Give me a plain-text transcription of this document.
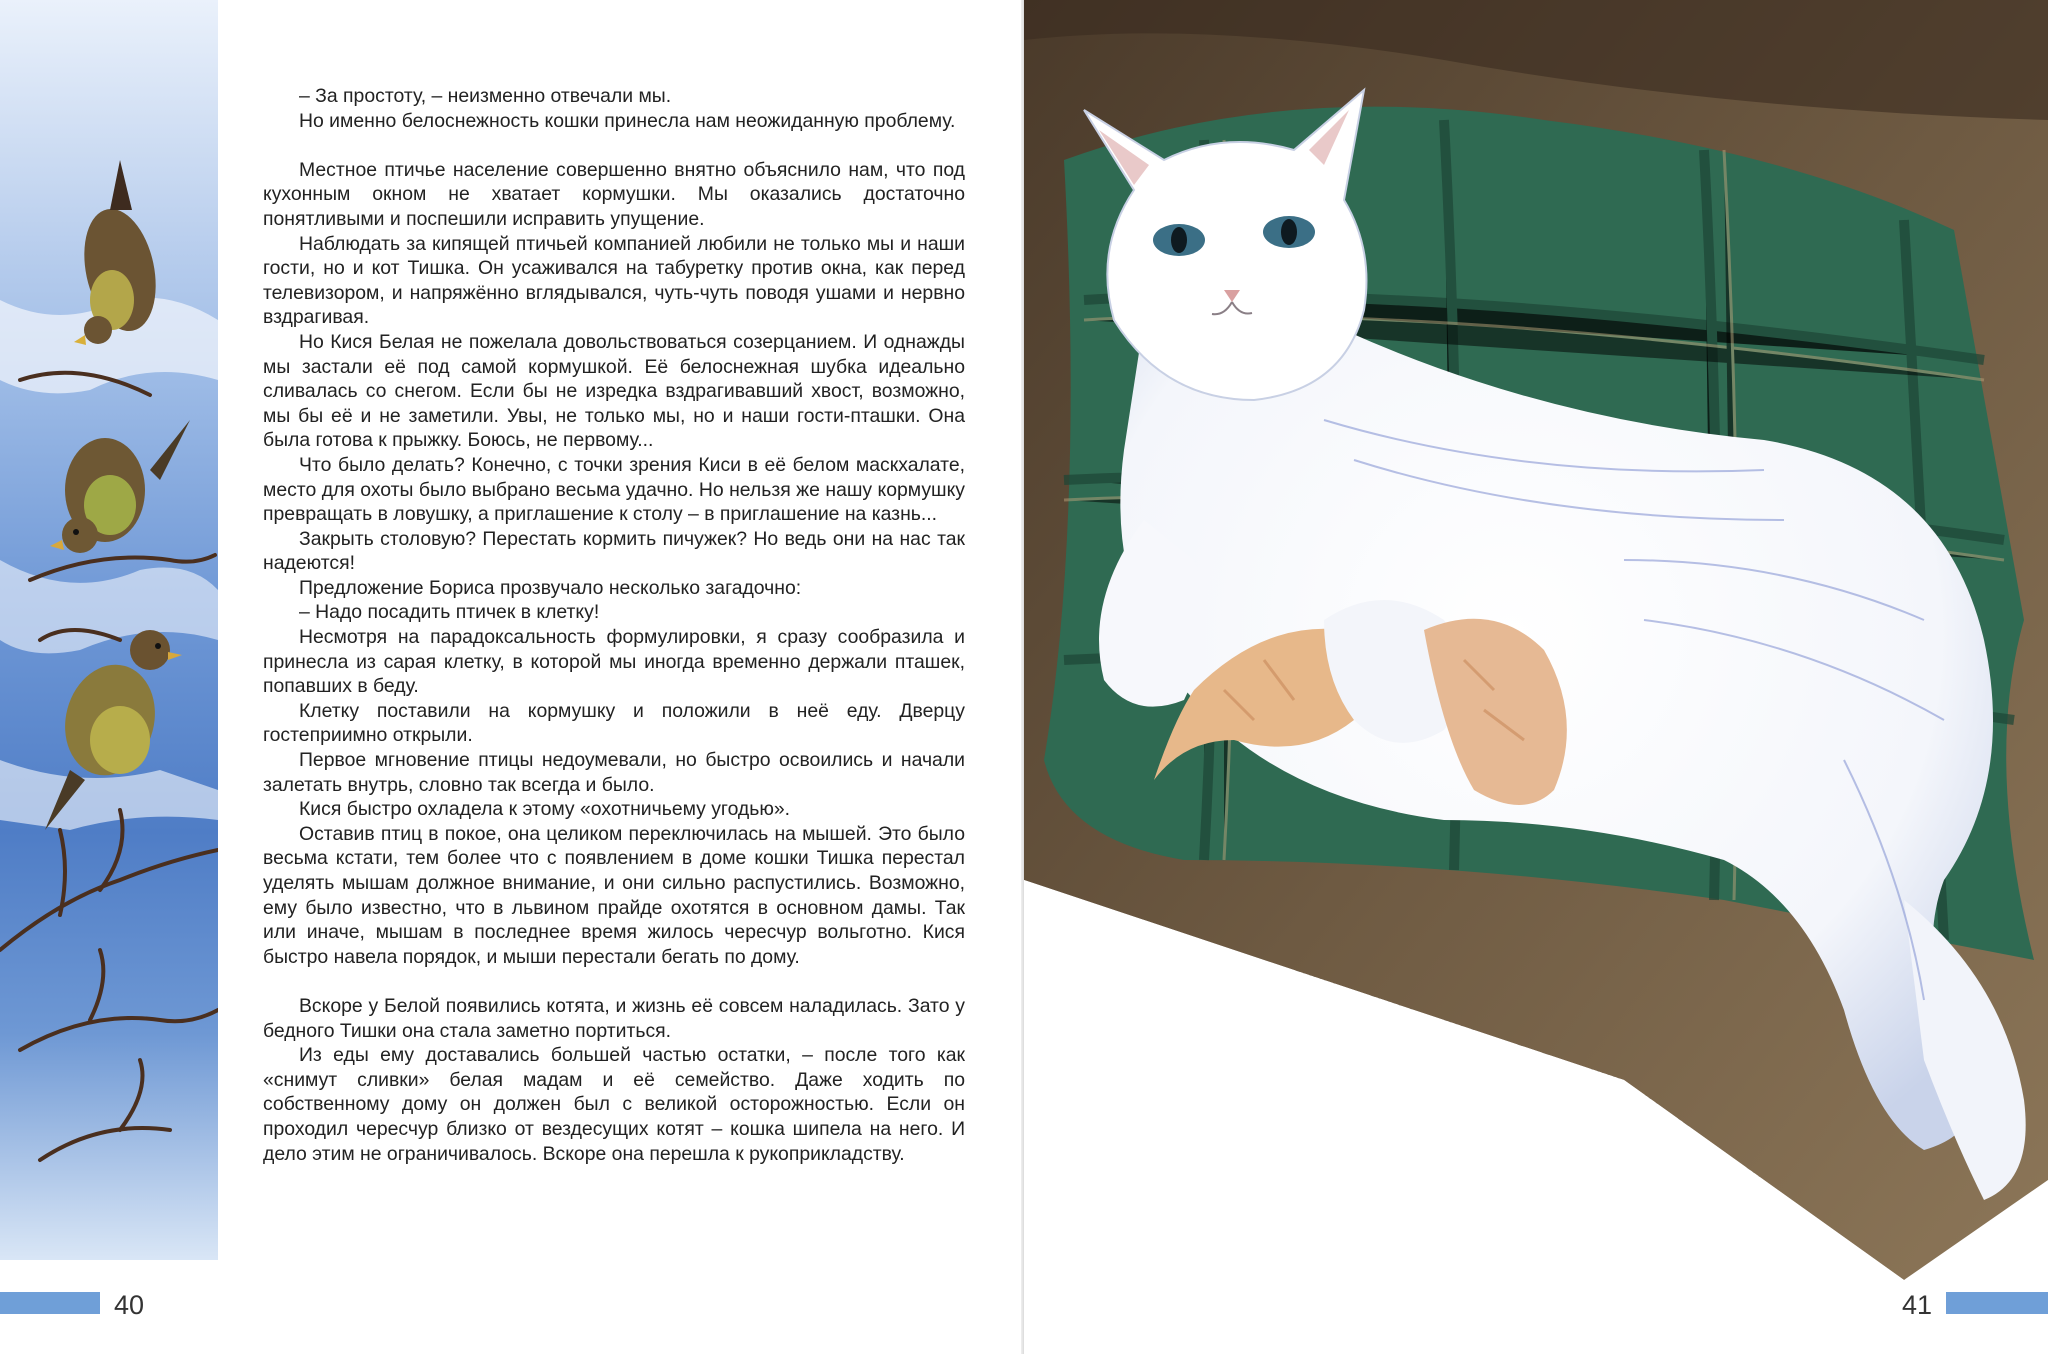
– За простоту, – неизменно отвечали мы.

Но именно белоснежность кошки принесла нам неожиданную проблему.

Местное птичье население совершенно внятно объяснило нам, что под кухонным окном не хватает кормушки. Мы оказались достаточно понятливыми и поспешили исправить упущение.

Наблюдать за кипящей птичьей компанией любили не только мы и наши гости, но и кот Тишка. Он усаживался на табуретку против окна, как перед телевизором, и напряжённо вглядывался, чуть-чуть поводя ушами и нервно вздрагивая.

Но Кися Белая не пожелала довольствоваться созерцанием. И однажды мы застали её под самой кормушкой. Её белоснежная шубка идеально сливалась со снегом. Если бы не изредка вздрагивавший хвост, возможно, мы бы её и не заметили. Увы, не только мы, но и наши гости-пташки. Она была готова к прыжку. Боюсь, не первому...

Что было делать? Конечно, с точки зрения Киси в её белом маскхалате, место для охоты было выбрано весьма удачно. Но нельзя же нашу кормушку превращать в ловушку, а приглашение к столу – в приглашение на казнь...

Закрыть столовую? Перестать кормить пичужек? Но ведь они на нас так надеются!

Предложение Бориса прозвучало несколько загадочно:

– Надо посадить птичек в клетку!

Несмотря на парадоксальность формулировки, я сразу сообразила и принесла из сарая клетку, в которой мы иногда временно держали пташек, попавших в беду.

Клетку поставили на кормушку и положили в неё еду. Дверцу гостеприимно открыли.

Первое мгновение птицы недоумевали, но быстро освоились и начали залетать внутрь, словно так всегда и было.

Кися быстро охладела к этому «охотничьему угодью».

Оставив птиц в покое, она целиком переключилась на мышей. Это было весьма кстати, тем более что с появлением в доме кошки Тишка перестал уделять мышам должное внимание, и они сильно распустились. Возможно, ему было известно, что в львином прайде охотятся в основном дамы. Так или иначе, мышам в последнее время жилось чересчур вольготно. Кися быстро навела порядок, и мыши перестали бегать по дому.

Вскоре у Белой появились котята, и жизнь её совсем наладилась. Зато у бедного Тишки она стала заметно портиться.

Из еды ему доставались большей частью остатки, – после того как «снимут сливки» белая мадам и её семейство. Даже ходить по собственному дому он должен был с великой осторожностью. Если он проходил чересчур близко от вездесущих котят – кошка шипела на него. И дело этим не ограничивалось. Вскоре она перешла к рукоприкладству.

40	41
